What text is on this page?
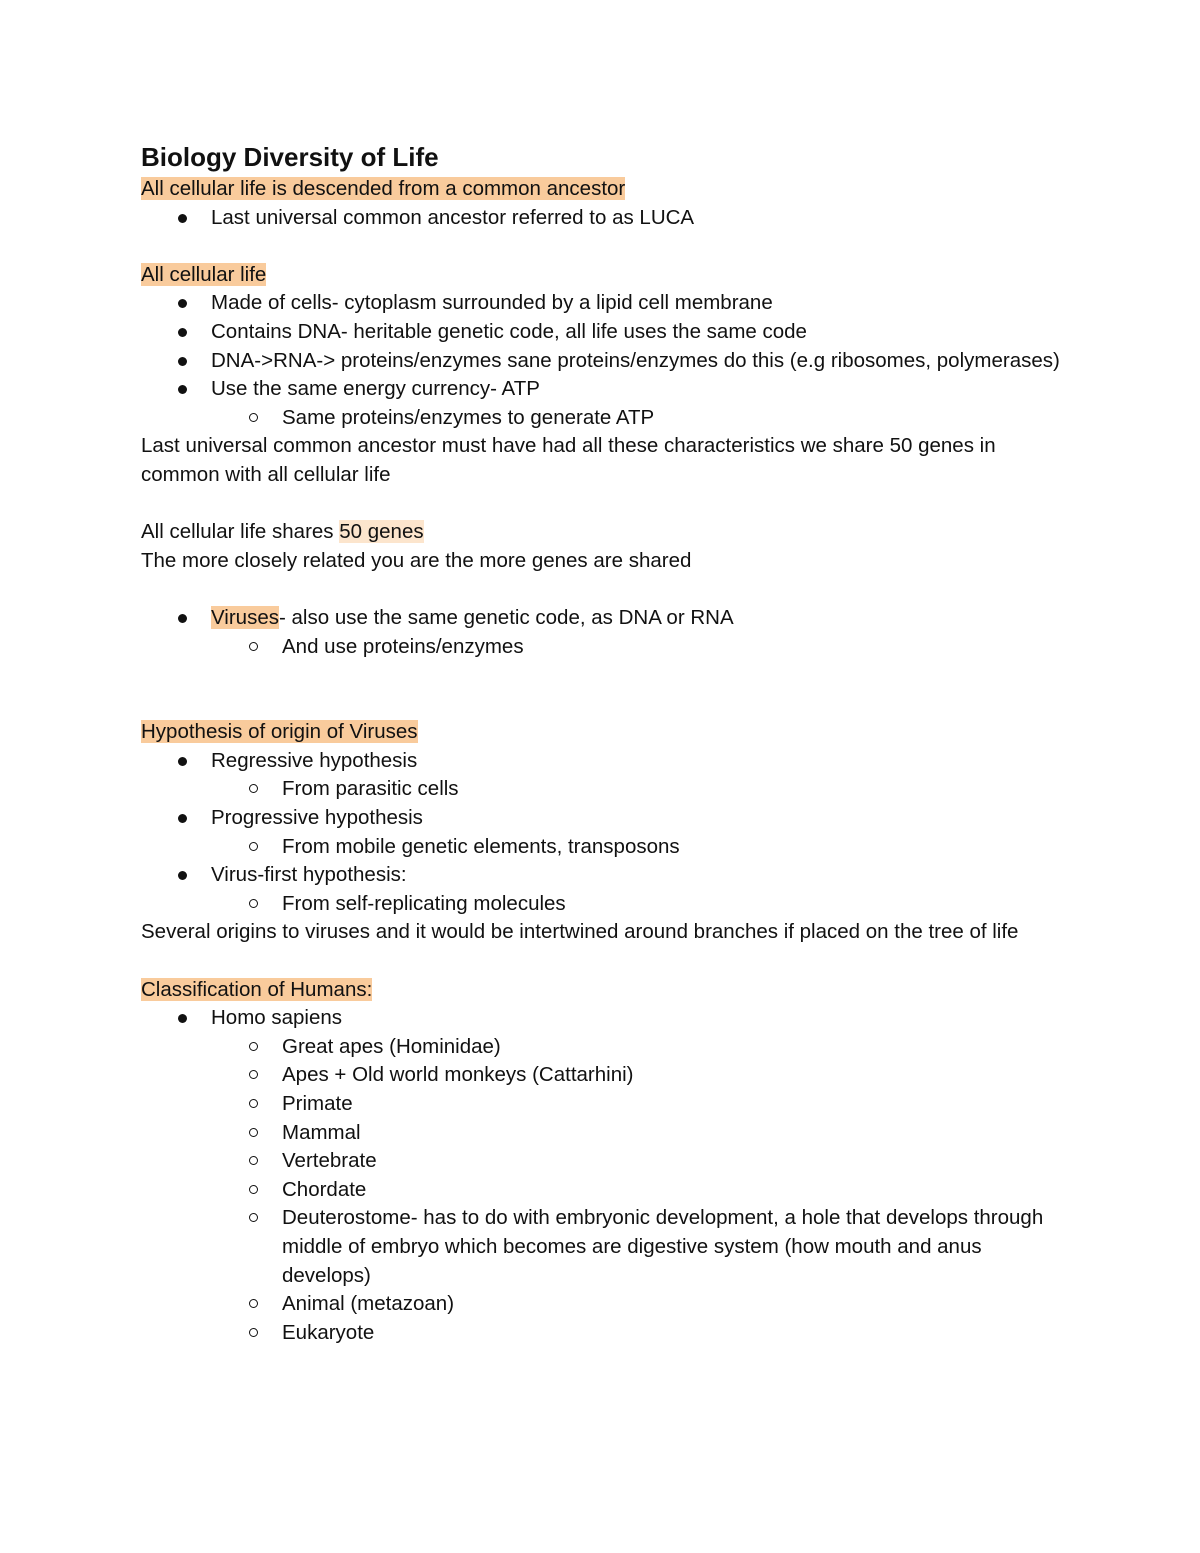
Biology Diversity of Life
All cellular life is descended from a common ancestor
Last universal common ancestor referred to as LUCA
All cellular life
Made of cells- cytoplasm surrounded by a lipid cell membrane
Contains DNA- heritable genetic code, all life uses the same code
DNA->RNA-> proteins/enzymes sane proteins/enzymes do this (e.g ribosomes, polymerases)
Use the same energy currency- ATP
Same proteins/enzymes to generate ATP
Last universal common ancestor must have had all these characteristics we share 50 genes in common with all cellular life
All cellular life shares 50 genes
The more closely related you are the more genes are shared
Viruses- also use the same genetic code, as DNA or RNA
And use proteins/enzymes
Hypothesis of origin of Viruses
Regressive hypothesis
From parasitic cells
Progressive hypothesis
From mobile genetic elements, transposons
Virus-first hypothesis:
From self-replicating molecules
Several origins to viruses and it would be intertwined around branches if placed on the tree of life
Classification of Humans:
Homo sapiens
Great apes (Hominidae)
Apes + Old world monkeys (Cattarhini)
Primate
Mammal
Vertebrate
Chordate
Deuterostome- has to do with embryonic development, a hole that develops through middle of embryo which becomes are digestive system (how mouth and anus develops)
Animal (metazoan)
Eukaryote
